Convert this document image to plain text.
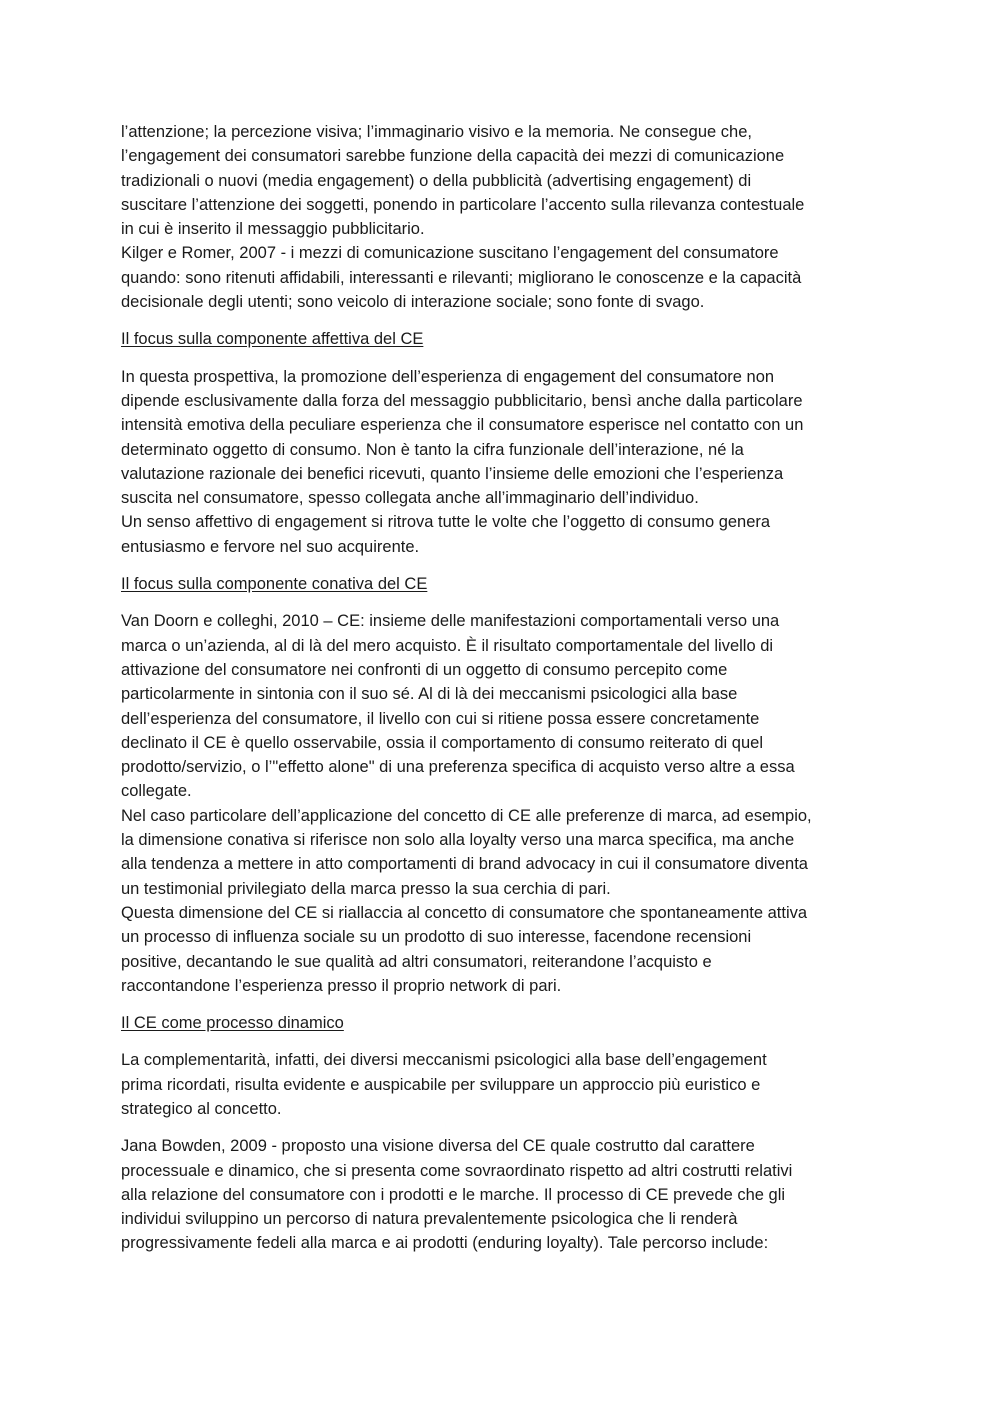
l’attenzione; la percezione visiva; l’immaginario visivo e la memoria. Ne consegue che,
l’engagement dei consumatori sarebbe funzione della capacità dei mezzi di comunicazione
tradizionali o nuovi (media engagement) o della pubblicità (advertising engagement) di
suscitare l’attenzione dei soggetti, ponendo in particolare l’accento sulla rilevanza contestuale
in cui è inserito il messaggio pubblicitario.
Kilger e Romer, 2007 - i mezzi di comunicazione suscitano l’engagement del consumatore
quando: sono ritenuti affidabili, interessanti e rilevanti; migliorano le conoscenze e la capacità
decisionale degli utenti; sono veicolo di interazione sociale; sono fonte di svago.
Il focus sulla componente affettiva del CE
In questa prospettiva, la promozione dell’esperienza di engagement del consumatore non
dipende esclusivamente dalla forza del messaggio pubblicitario, bensì anche dalla particolare
intensità emotiva della peculiare esperienza che il consumatore esperisce nel contatto con un
determinato oggetto di consumo. Non è tanto la cifra funzionale dell’interazione, né la
valutazione razionale dei benefici ricevuti, quanto l’insieme delle emozioni che l’esperienza
suscita nel consumatore, spesso collegata anche all’immaginario dell’individuo.
Un senso affettivo di engagement si ritrova tutte le volte che l’oggetto di consumo genera
entusiasmo e fervore nel suo acquirente.
Il focus sulla componente conativa del CE
Van Doorn e colleghi, 2010 – CE: insieme delle manifestazioni comportamentali verso una
marca o un’azienda, al di là del mero acquisto. È il risultato comportamentale del livello di
attivazione del consumatore nei confronti di un oggetto di consumo percepito come
particolarmente in sintonia con il suo sé. Al di là dei meccanismi psicologici alla base
dell’esperienza del consumatore, il livello con cui si ritiene possa essere concretamente
declinato il CE è quello osservabile, ossia il comportamento di consumo reiterato di quel
prodotto/servizio, o l’"effetto alone" di una preferenza specifica di acquisto verso altre a essa
collegate.
Nel caso particolare dell’applicazione del concetto di CE alle preferenze di marca, ad esempio,
la dimensione conativa si riferisce non solo alla loyalty verso una marca specifica, ma anche
alla tendenza a mettere in atto comportamenti di brand advocacy in cui il consumatore diventa
un testimonial privilegiato della marca presso la sua cerchia di pari.
Questa dimensione del CE si riallaccia al concetto di consumatore che spontaneamente attiva
un processo di influenza sociale su un prodotto di suo interesse, facendone recensioni
positive, decantando le sue qualità ad altri consumatori, reiterandone l’acquisto e
raccontandone l’esperienza presso il proprio network di pari.
Il CE come processo dinamico
La complementarità, infatti, dei diversi meccanismi psicologici alla base dell’engagement
prima ricordati, risulta evidente e auspicabile per sviluppare un approccio più euristico e
strategico al concetto.
Jana Bowden, 2009 - proposto una visione diversa del CE quale costrutto dal carattere
processuale e dinamico, che si presenta come sovraordinato rispetto ad altri costrutti relativi
alla relazione del consumatore con i prodotti e le marche. Il processo di CE prevede che gli
individui sviluppino un percorso di natura prevalentemente psicologica che li renderà
progressivamente fedeli alla marca e ai prodotti (enduring loyalty). Tale percorso include:
